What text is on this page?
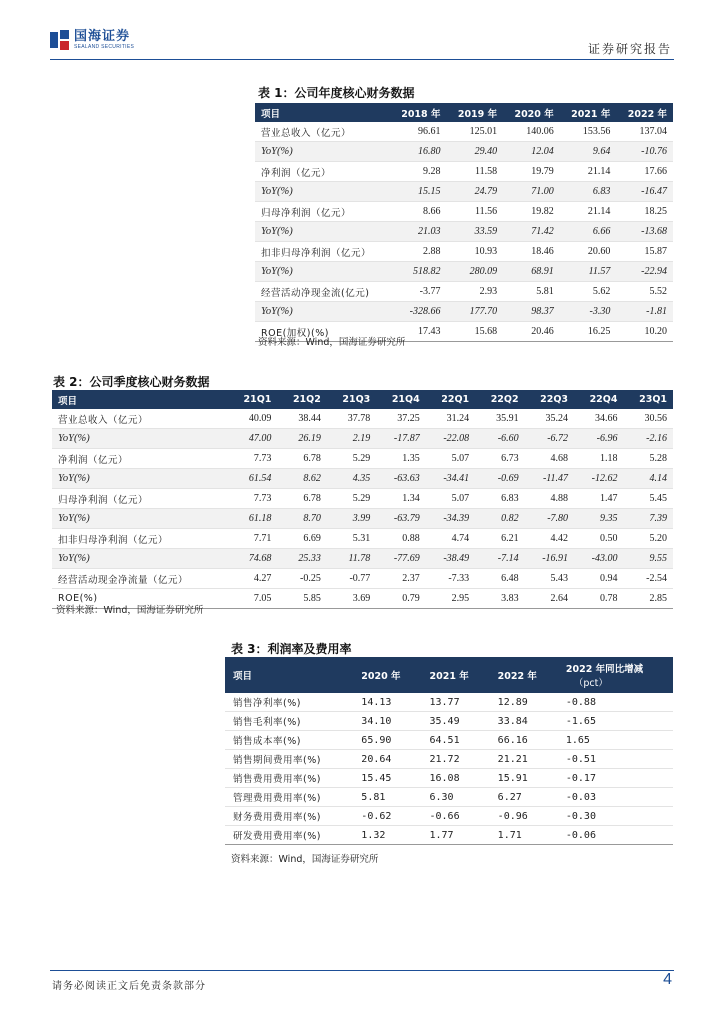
国海证券
SEALAND SECURITIES	证券研究报告
表 1：公司年度核心财务数据
项目	2018 年	2019 年	2020 年	2021 年	2022 年
营业总收入（亿元）	96.61	125.01	140.06	153.56	137.04
YoY(%)	16.80	29.40	12.04	9.64	-10.76
净利润（亿元）	9.28	11.58	19.79	21.14	17.66
YoY(%)	15.15	24.79	71.00	6.83	-16.47
归母净利润（亿元）	8.66	11.56	19.82	21.14	18.25
YoY(%)	21.03	33.59	71.42	6.66	-13.68
扣非归母净利润（亿元）	2.88	10.93	18.46	20.60	15.87
YoY(%)	518.82	280.09	68.91	11.57	-22.94
经营活动净现金流(亿元)	-3.77	2.93	5.81	5.62	5.52
YoY(%)	-328.66	177.70	98.37	-3.30	-1.81
ROE(加权)(%)	17.43	15.68	20.46	16.25	10.20
资料来源：Wind，国海证券研究所
表 2：公司季度核心财务数据
项目	21Q1	21Q2	21Q3	21Q4	22Q1	22Q2	22Q3	22Q4	23Q1
营业总收入（亿元）	40.09	38.44	37.78	37.25	31.24	35.91	35.24	34.66	30.56
YoY(%)	47.00	26.19	2.19	-17.87	-22.08	-6.60	-6.72	-6.96	-2.16
净利润（亿元）	7.73	6.78	5.29	1.35	5.07	6.73	4.68	1.18	5.28
YoY(%)	61.54	8.62	4.35	-63.63	-34.41	-0.69	-11.47	-12.62	4.14
归母净利润（亿元）	7.73	6.78	5.29	1.34	5.07	6.83	4.88	1.47	5.45
YoY(%)	61.18	8.70	3.99	-63.79	-34.39	0.82	-7.80	9.35	7.39
扣非归母净利润（亿元）	7.71	6.69	5.31	0.88	4.74	6.21	4.42	0.50	5.20
YoY(%)	74.68	25.33	11.78	-77.69	-38.49	-7.14	-16.91	-43.00	9.55
经营活动现金净流量（亿元）	4.27	-0.25	-0.77	2.37	-7.33	6.48	5.43	0.94	-2.54
ROE(%)	7.05	5.85	3.69	0.79	2.95	3.83	2.64	0.78	2.85
资料来源：Wind，国海证券研究所
表 3：利润率及费用率
项目	2020 年	2021 年	2022 年	2022 年同比增减
（pct）

销售净利率(%)	14.13	13.77	12.89	-0.88
销售毛利率(%)	34.10	35.49	33.84	-1.65
销售成本率(%)	65.90	64.51	66.16	1.65
销售期间费用率(%)	20.64	21.72	21.21	-0.51
销售费用费用率(%)	15.45	16.08	15.91	-0.17
管理费用费用率(%)	5.81	6.30	6.27	-0.03
财务费用费用率(%)	-0.62	-0.66	-0.96	-0.30
研发费用费用率(%)	1.32	1.77	1.71	-0.06
资料来源：Wind，国海证券研究所
请务必阅读正文后免责条款部分	4
